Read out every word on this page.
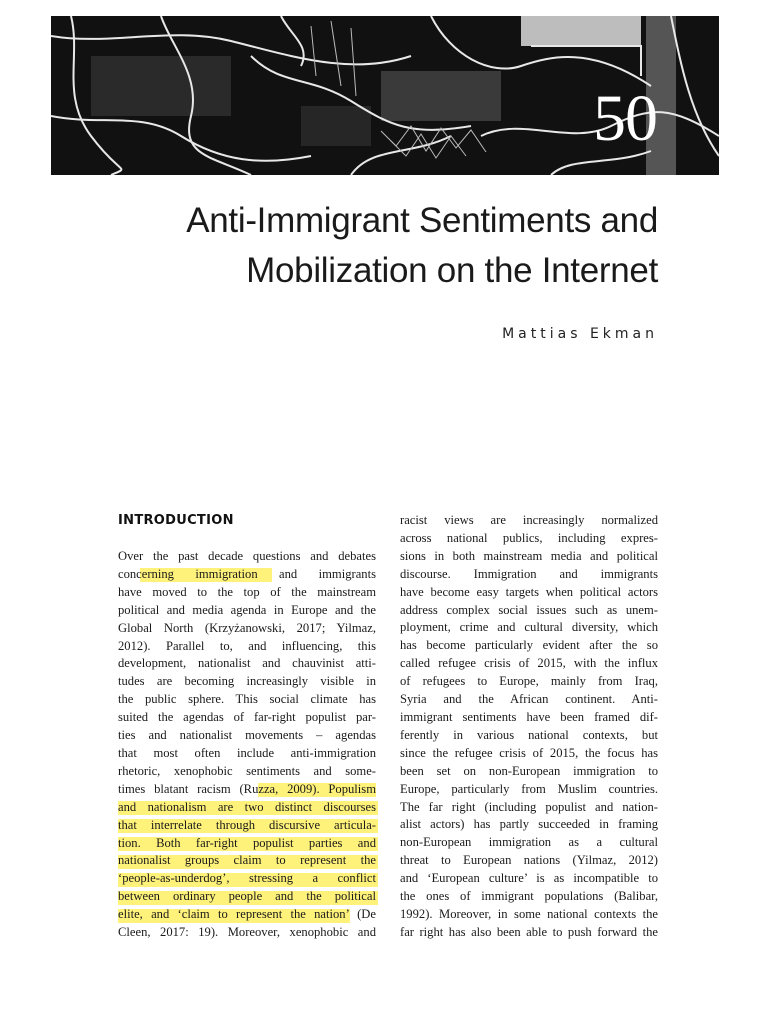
50
Anti-Immigrant Sentiments and
Mobilization on the Internet
Mattias Ekman
INTRODUCTION
Over the past decade questions and debates
concerning immigration and immigrants
have moved to the top of the mainstream
political and media agenda in Europe and the
Global North (Krzyżanowski, 2017; Yilmaz,
2012). Parallel to, and influencing, this
development, nationalist and chauvinist atti-
tudes are becoming increasingly visible in
the public sphere. This social climate has
suited the agendas of far-right populist par-
ties and nationalist movements – agendas
that most often include anti-immigration
rhetoric, xenophobic sentiments and some-
times blatant racism (Ruzza, 2009). Populism
and nationalism are two distinct discourses
that interrelate through discursive articula-
tion. Both far-right populist parties and
nationalist groups claim to represent the
‘people-as-underdog’, stressing a conflict
between ordinary people and the political
elite, and ‘claim to represent the nation’ (De
Cleen, 2017: 19). Moreover, xenophobic and
racist views are increasingly normalized
across national publics, including expres-
sions in both mainstream media and political
discourse. Immigration and immigrants
have become easy targets when political actors
address complex social issues such as unem-
ployment, crime and cultural diversity, which
has become particularly evident after the so
called refugee crisis of 2015, with the influx
of refugees to Europe, mainly from Iraq,
Syria and the African continent. Anti-
immigrant sentiments have been framed dif-
ferently in various national contexts, but
since the refugee crisis of 2015, the focus has
been set on non-European immigration to
Europe, particularly from Muslim countries.
The far right (including populist and nation-
alist actors) has partly succeeded in framing
non-European immigration as a cultural
threat to European nations (Yilmaz, 2012)
and ‘European culture’ is as incompatible to
the ones of immigrant populations (Balibar,
1992). Moreover, in some national contexts the
far right has also been able to push forward the
